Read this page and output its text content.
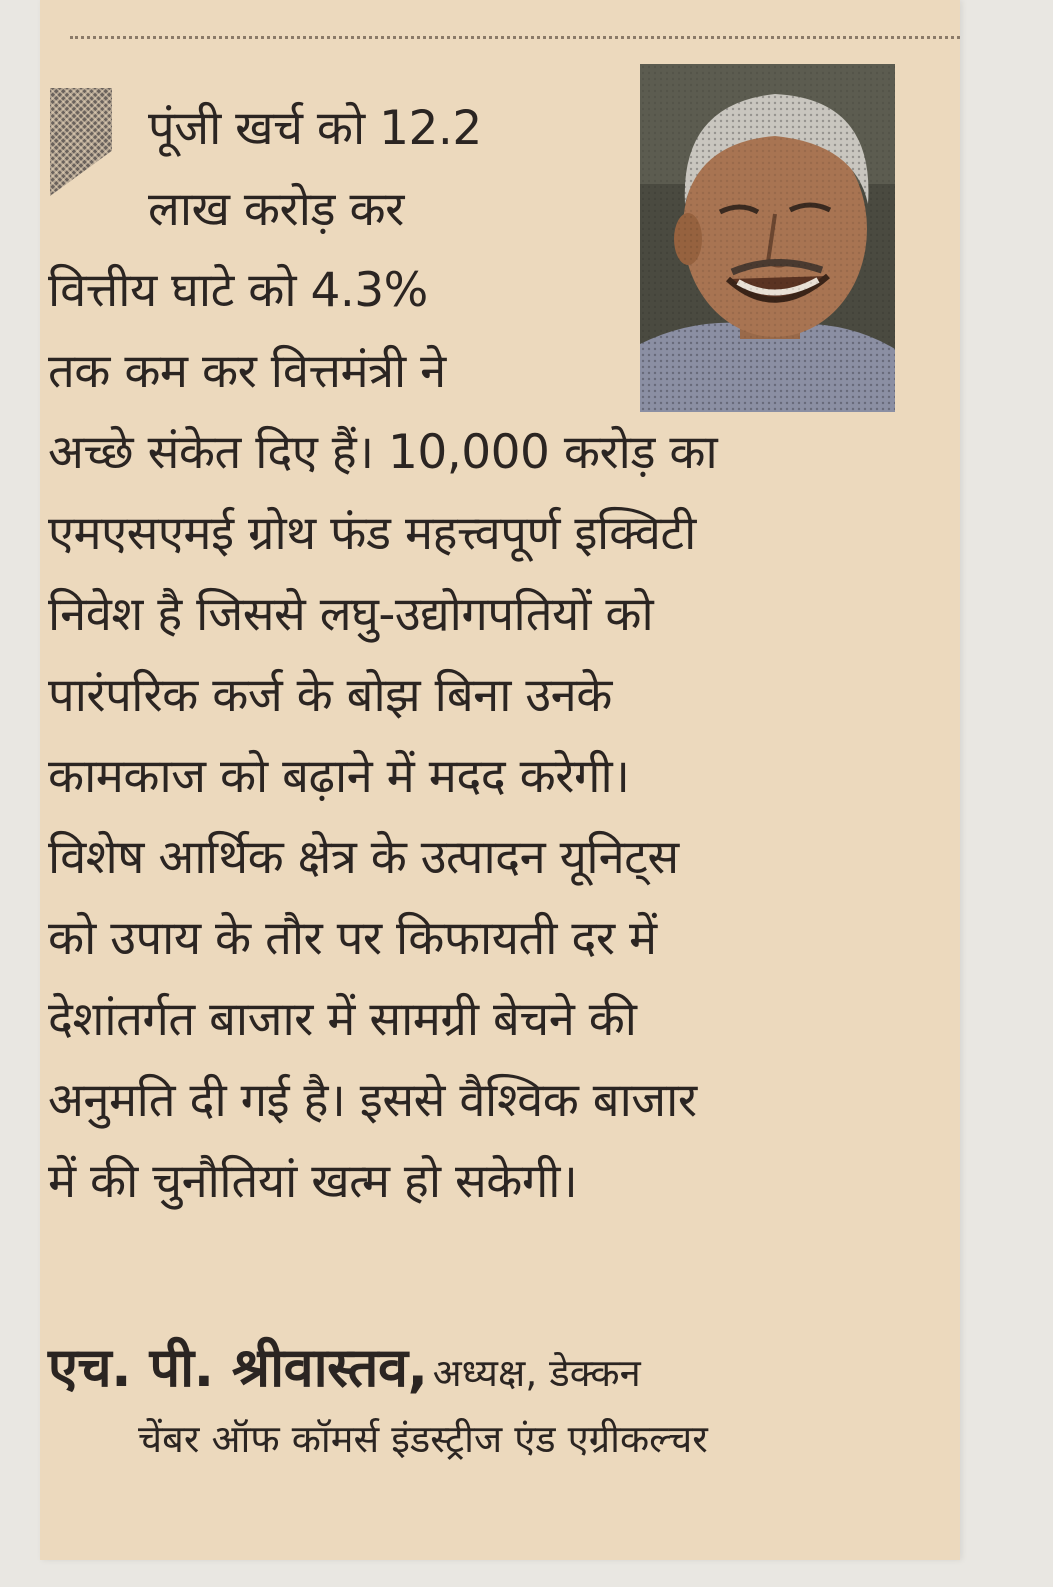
पूंजी खर्च को 12.2
लाख करोड़ कर
वित्तीय घाटे को 4.3%
तक कम कर वित्तमंत्री ने
अच्छे संकेत दिए हैं। 10,000 करोड़ का
एमएसएमई ग्रोथ फंड महत्त्वपूर्ण इक्विटी
निवेश है जिससे लघु-उद्योगपतियों को
पारंपरिक कर्ज के बोझ बिना उनके
कामकाज को बढ़ाने में मदद करेगी।
विशेष आर्थिक क्षेत्र के उत्पादन यूनिट्स
को उपाय के तौर पर किफायती दर में
देशांतर्गत बाजार में सामग्री बेचने की
अनुमति दी गई है। इससे वैश्विक बाजार
में की चुनौतियां खत्म हो सकेगी।
एच. पी. श्रीवास्तव, अध्यक्ष, डेक्कन
चेंबर ऑफ कॉमर्स इंडस्ट्रीज एंड एग्रीकल्चर
